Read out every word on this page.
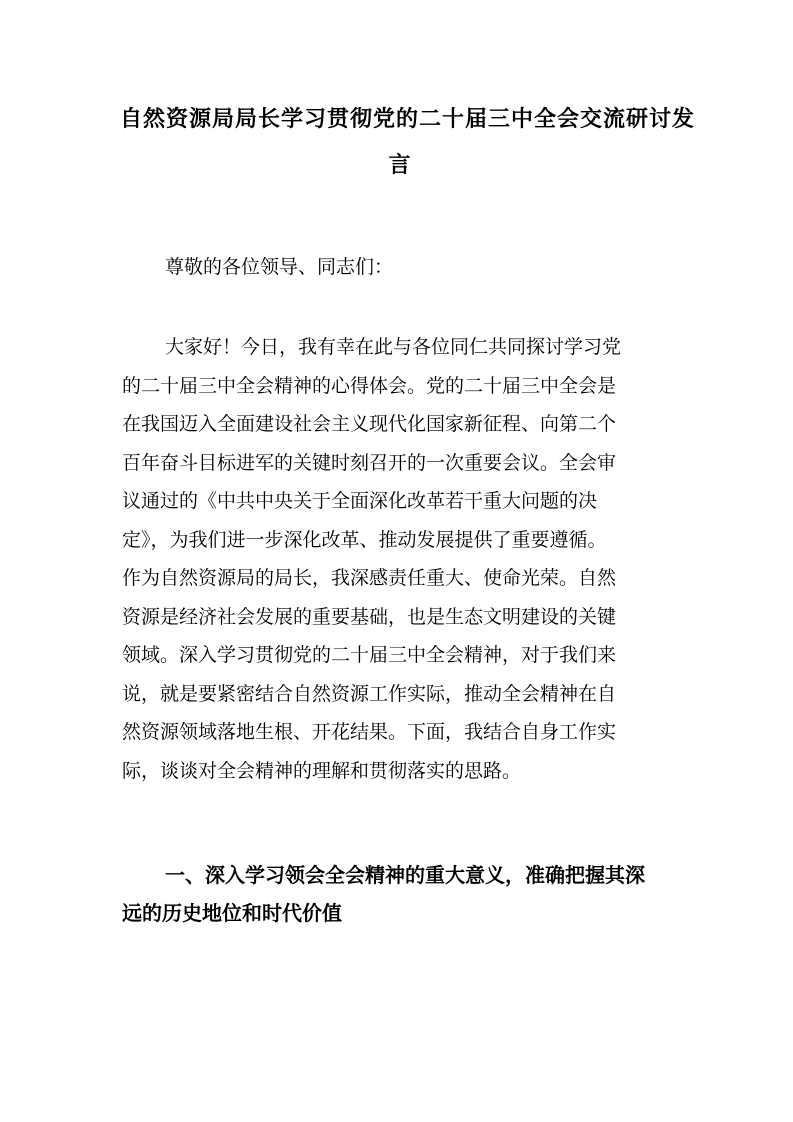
自然资源局局长学习贯彻党的二十届三中全会交流研讨发
言
尊敬的各位领导、同志们：
大家好！今日，我有幸在此与各位同仁共同探讨学习党
的二十届三中全会精神的心得体会。党的二十届三中全会是
在我国迈入全面建设社会主义现代化国家新征程、向第二个
百年奋斗目标进军的关键时刻召开的一次重要会议。全会审
议通过的《中共中央关于全面深化改革若干重大问题的决
定》，为我们进一步深化改革、推动发展提供了重要遵循。
作为自然资源局的局长，我深感责任重大、使命光荣。自然
资源是经济社会发展的重要基础，也是生态文明建设的关键
领域。深入学习贯彻党的二十届三中全会精神，对于我们来
说，就是要紧密结合自然资源工作实际，推动全会精神在自
然资源领域落地生根、开花结果。下面，我结合自身工作实
际，谈谈对全会精神的理解和贯彻落实的思路。
一、深入学习领会全会精神的重大意义，准确把握其深
远的历史地位和时代价值
